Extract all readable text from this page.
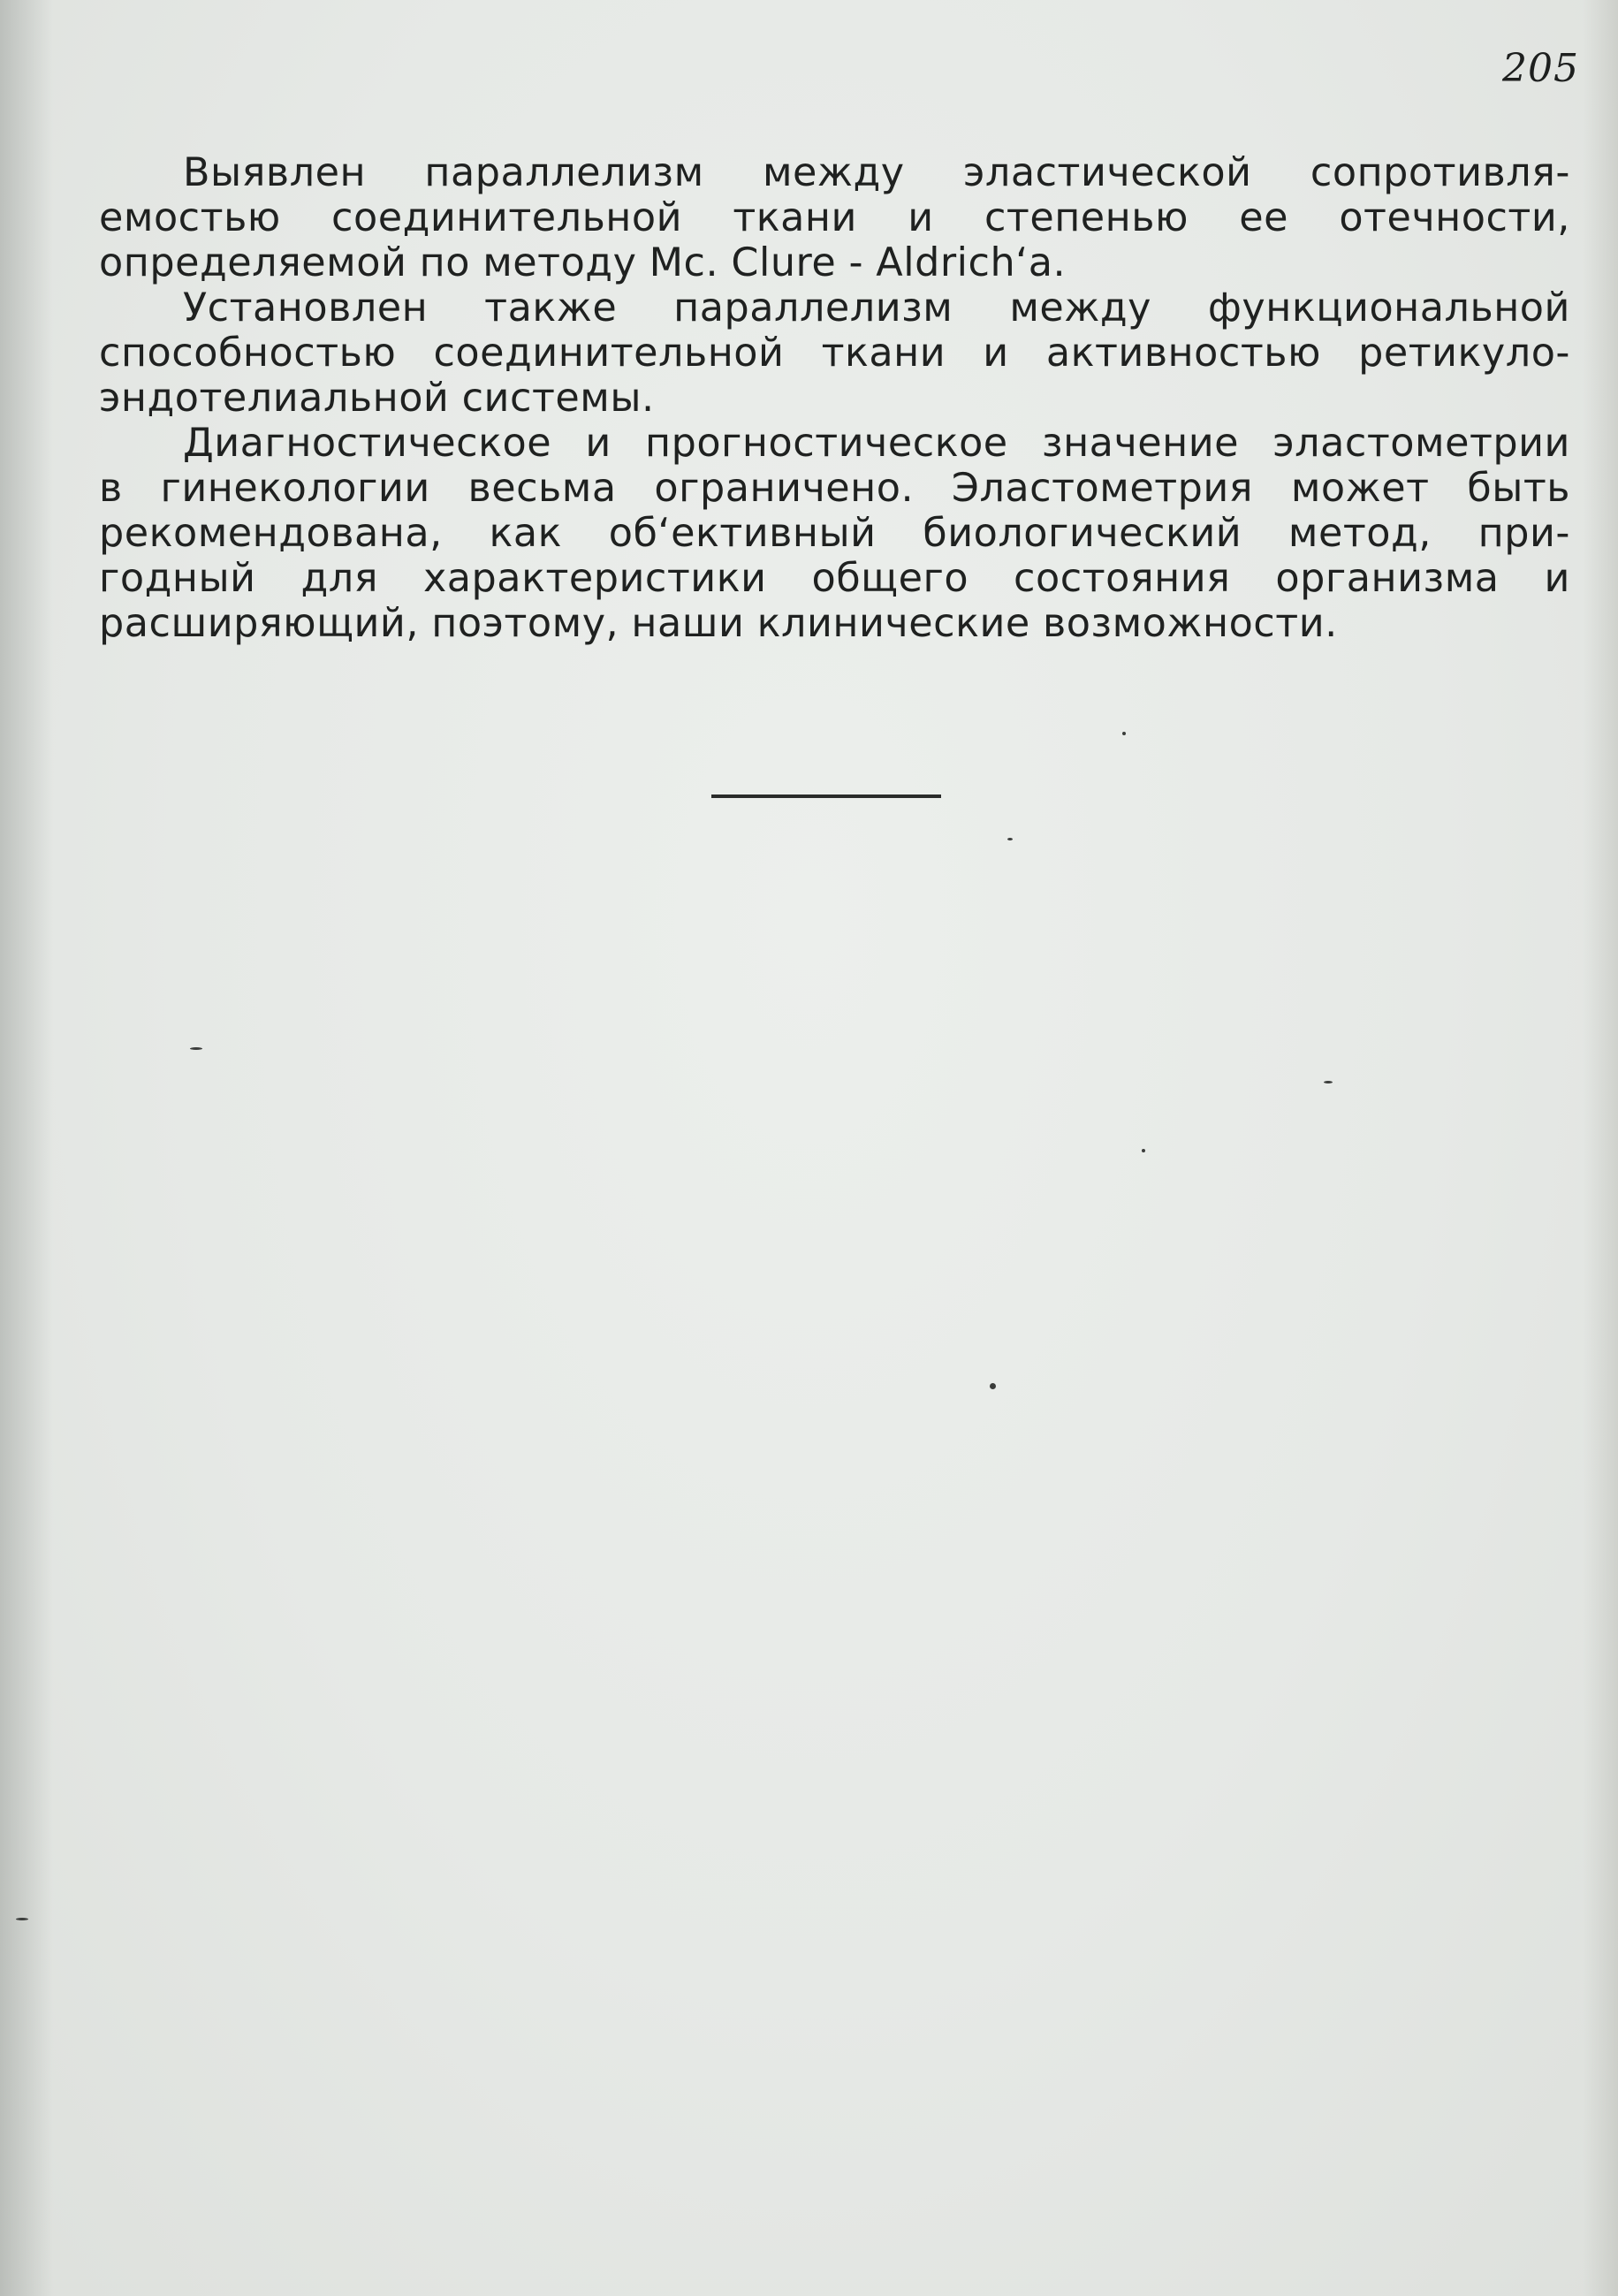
205
Выявлен параллелизм между эластической сопротивля-
емостью соединительной ткани и степенью ее отечности,
определяемой по методу Mc. Clure - Aldrich‘a.
Установлен также параллелизм между функциональной
способностью соединительной ткани и активностью ретикуло-
эндотелиальной системы.
Диагностическое и прогностическое значение эластометрии
в гинекологии весьма ограничено. Эластометрия может быть
рекомендована, как об‘ективный биологический метод, при-
годный для характеристики общего состояния организма и
расширяющий, поэтому, наши клинические возможности.
